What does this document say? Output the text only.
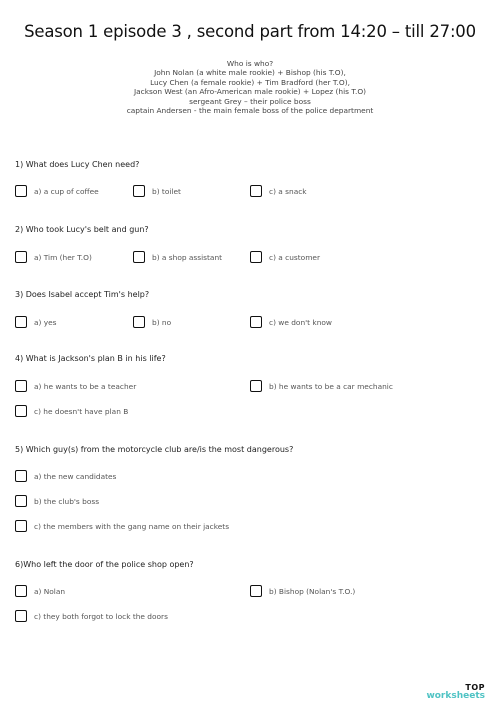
Season 1 episode 3 , second part from 14:20 – till 27:00
Who is who?
John Nolan (a white male rookie) + Bishop (his T.O),
Lucy Chen (a female rookie) + Tim Bradford (her T.O),
Jackson West (an Afro-American male rookie) + Lopez (his T.O)
sergeant Grey – their police boss
captain Andersen - the main female boss of the police department
1) What does Lucy Chen need?
a) a cup of coffee	b) toilet	c) a snack
2) Who took Lucy's belt and gun?
a) Tim (her T.O)	b) a shop assistant	c) a customer
3) Does Isabel accept Tim's help?
a) yes	b) no	c) we don't know
4) What is Jackson's plan B in his life?
a) he wants to be a teacher	b) he wants to be a car mechanic
c) he doesn't have plan B
5) Which guy(s) from the motorcycle club are/is the most dangerous?
a) the new candidates
b) the club's boss
c) the members with the gang name on their jackets
6)Who left the door of the police shop open?
a) Nolan	b) Bishop (Nolan's T.O.)
c) they both forgot to lock the doors
TOP
worksheets
